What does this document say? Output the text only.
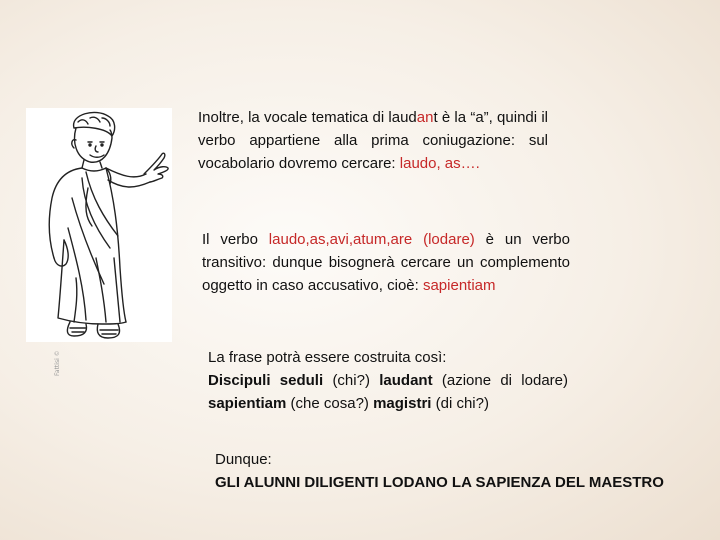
Fattisi ©
Inoltre, la vocale tematica di laudant è la “a”, quindi il verbo appartiene alla prima coniugazione: sul vocabolario dovremo cercare: laudo, as….
Il verbo laudo,as,avi,atum,are (lodare) è un verbo transitivo: dunque bisognerà cercare un complemento oggetto in caso accusativo, cioè: sapientiam
La frase potrà essere costruita così:
Discipuli seduli (chi?) laudant (azione di lodare) sapientiam (che cosa?) magistri (di chi?)
Dunque:
GLI ALUNNI DILIGENTI LODANO LA SAPIENZA DEL MAESTRO
